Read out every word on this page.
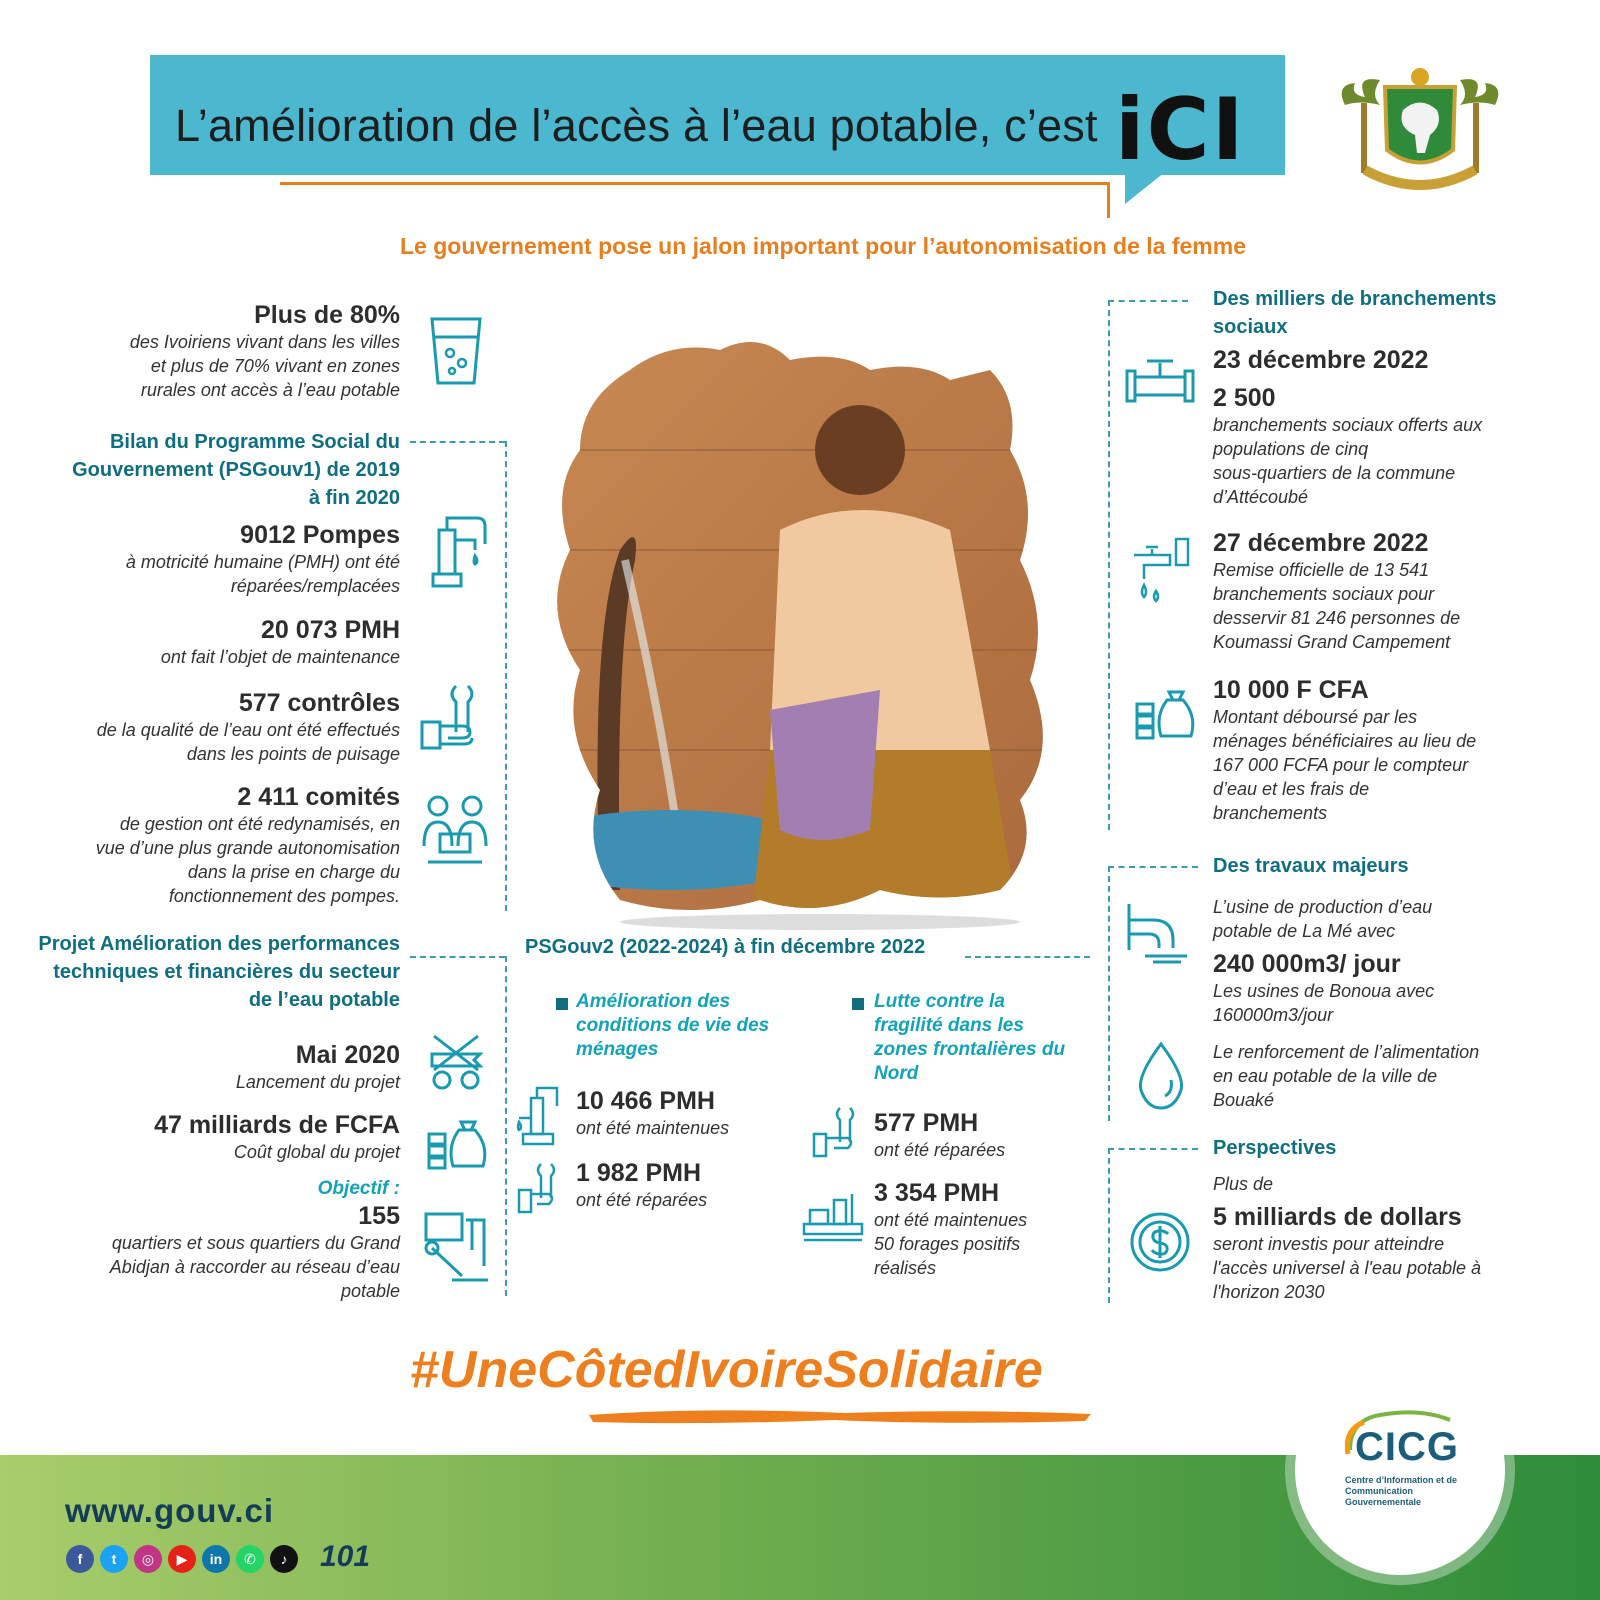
L’amélioration de l’accès à l’eau potable, c’est iCI
Le gouvernement pose un jalon important pour l’autonomisation de la femme
Plus de 80%
des Ivoiriens vivant dans les villes
et plus de 70% vivant en zones
rurales ont accès à l’eau potable
Bilan du Programme Social du
Gouvernement (PSGouv1) de 2019
à fin 2020
9012 Pompes
à motricité humaine (PMH) ont été
réparées/remplacées
20 073 PMH
ont fait l’objet de maintenance
577 contrôles
de la qualité de l’eau ont été effectués
dans les points de puisage
2 411 comités
de gestion ont été redynamisés, en
vue d’une plus grande autonomisation
dans la prise en charge du
fonctionnement des pompes.
Projet Amélioration des performances
techniques et financières du secteur
de l’eau potable
Mai 2020
Lancement du projet
47 milliards de FCFA
Coût global du projet
Objectif :
155
quartiers et sous quartiers du Grand
Abidjan à raccorder au réseau d’eau
potable
PSGouv2 (2022-2024) à fin décembre 2022
Amélioration des
conditions de vie des
ménages
Lutte contre la
fragilité dans les
zones frontalières du
Nord
10 466 PMH
ont été maintenues
1 982 PMH
ont été réparées
577 PMH
ont été réparées
3 354 PMH
ont été maintenues
50 forages positifs
réalisés
Des milliers de branchements
sociaux
23 décembre 2022
2 500
branchements sociaux offerts aux
populations de cinq
sous-quartiers de la commune
d’Attécoubé
27 décembre 2022
Remise officielle de 13 541
branchements sociaux pour
desservir 81 246 personnes de
Koumassi Grand Campement
10 000 F CFA
Montant déboursé par les
ménages bénéficiaires au lieu de
167 000 FCFA pour le compteur
d’eau et les frais de
branchements
Des travaux majeurs
L’usine de production d’eau
potable de La Mé avec
240 000m3/ jour
Les usines de Bonoua avec
160000m3/jour
Le renforcement de l’alimentation
en eau potable de la ville de
Bouaké
Perspectives
Plus de
5 milliards de dollars
seront investis pour atteindre
l'accès universel à l'eau potable à
l'horizon 2030
#UneCôtedIvoireSolidaire
www.gouv.ci
101
f	t	◎	▶	in	✆	♪
CICG
Centre d’Information et de Communication Gouvernementale
